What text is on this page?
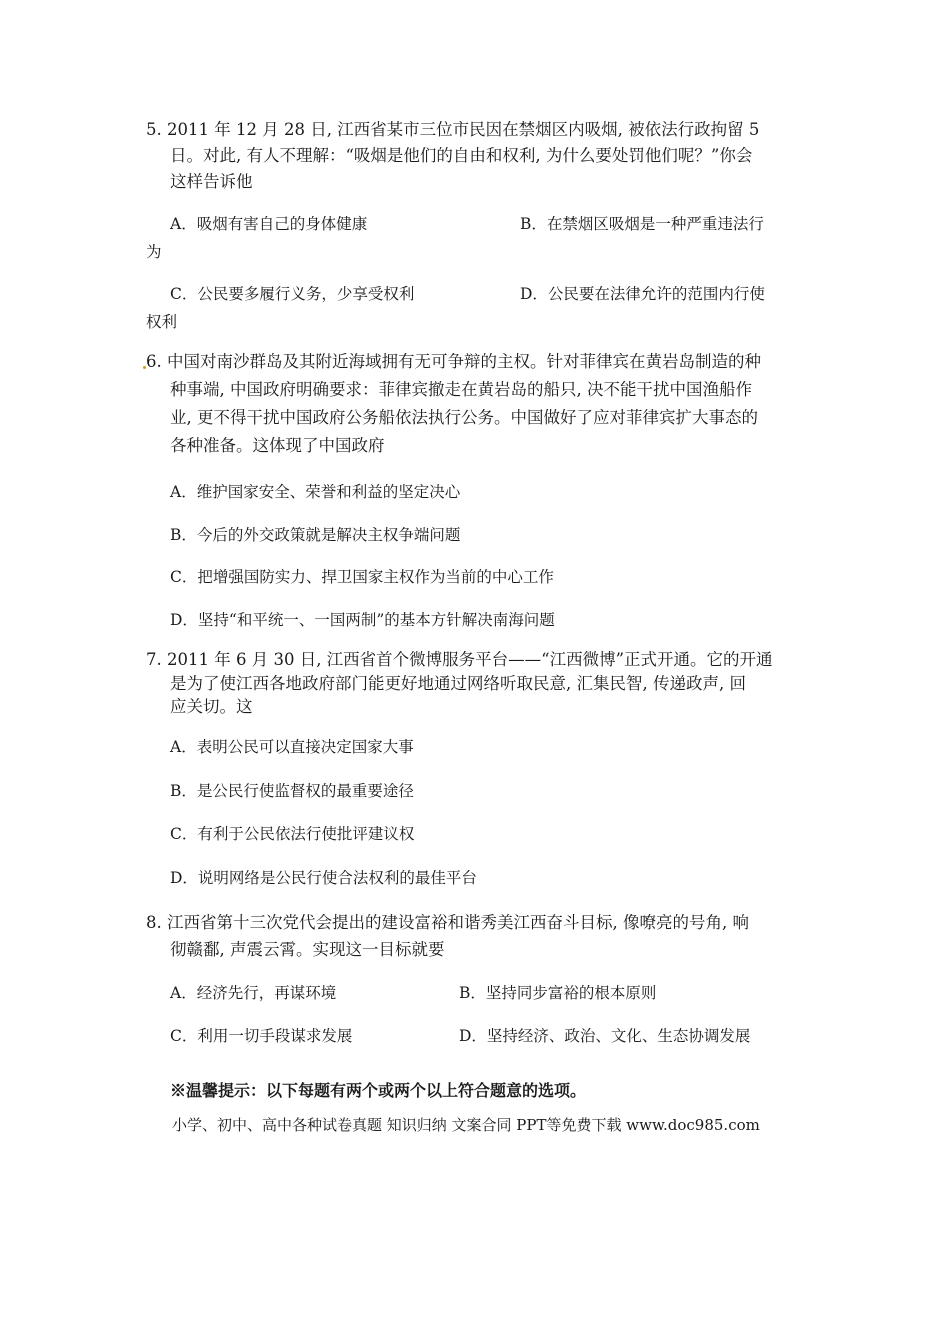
5. 2011 年 12 月 28 日, 江西省某市三位市民因在禁烟区内吸烟, 被依法行政拘留 5
日。对此, 有人不理解：“吸烟是他们的自由和权利, 为什么要处罚他们呢？”你会
这样告诉他
A．吸烟有害自己的身体健康	B．在禁烟区吸烟是一种严重违法行
为
C．公民要多履行义务，少享受权利	D．公民要在法律允许的范围内行使
权利
6. 中国对南沙群岛及其附近海域拥有无可争辩的主权。针对菲律宾在黄岩岛制造的种
种事端, 中国政府明确要求：菲律宾撤走在黄岩岛的船只, 决不能干扰中国渔船作
业, 更不得干扰中国政府公务船依法执行公务。中国做好了应对菲律宾扩大事态的
各种准备。这体现了中国政府
A．维护国家安全、荣誉和利益的坚定决心
B．今后的外交政策就是解决主权争端问题
C．把增强国防实力、捍卫国家主权作为当前的中心工作
D．坚持“和平统一、一国两制”的基本方针解决南海问题
7. 2011 年 6 月 30 日, 江西省首个微博服务平台——“江西微博”正式开通。它的开通
是为了使江西各地政府部门能更好地通过网络听取民意, 汇集民智, 传递政声, 回
应关切。这
A．表明公民可以直接决定国家大事
B．是公民行使监督权的最重要途径
C．有利于公民依法行使批评建议权
D．说明网络是公民行使合法权利的最佳平台
8. 江西省第十三次党代会提出的建设富裕和谐秀美江西奋斗目标, 像嘹亮的号角, 响
彻赣鄱, 声震云霄。实现这一目标就要
A．经济先行，再谋环境	B．坚持同步富裕的根本原则
C．利用一切手段谋求发展	D．坚持经济、政治、文化、生态协调发展
※温馨提示：以下每题有两个或两个以上符合题意的选项。
小学、初中、高中各种试卷真题 知识归纳 文案合同 PPT等免费下载 www.doc985.com
